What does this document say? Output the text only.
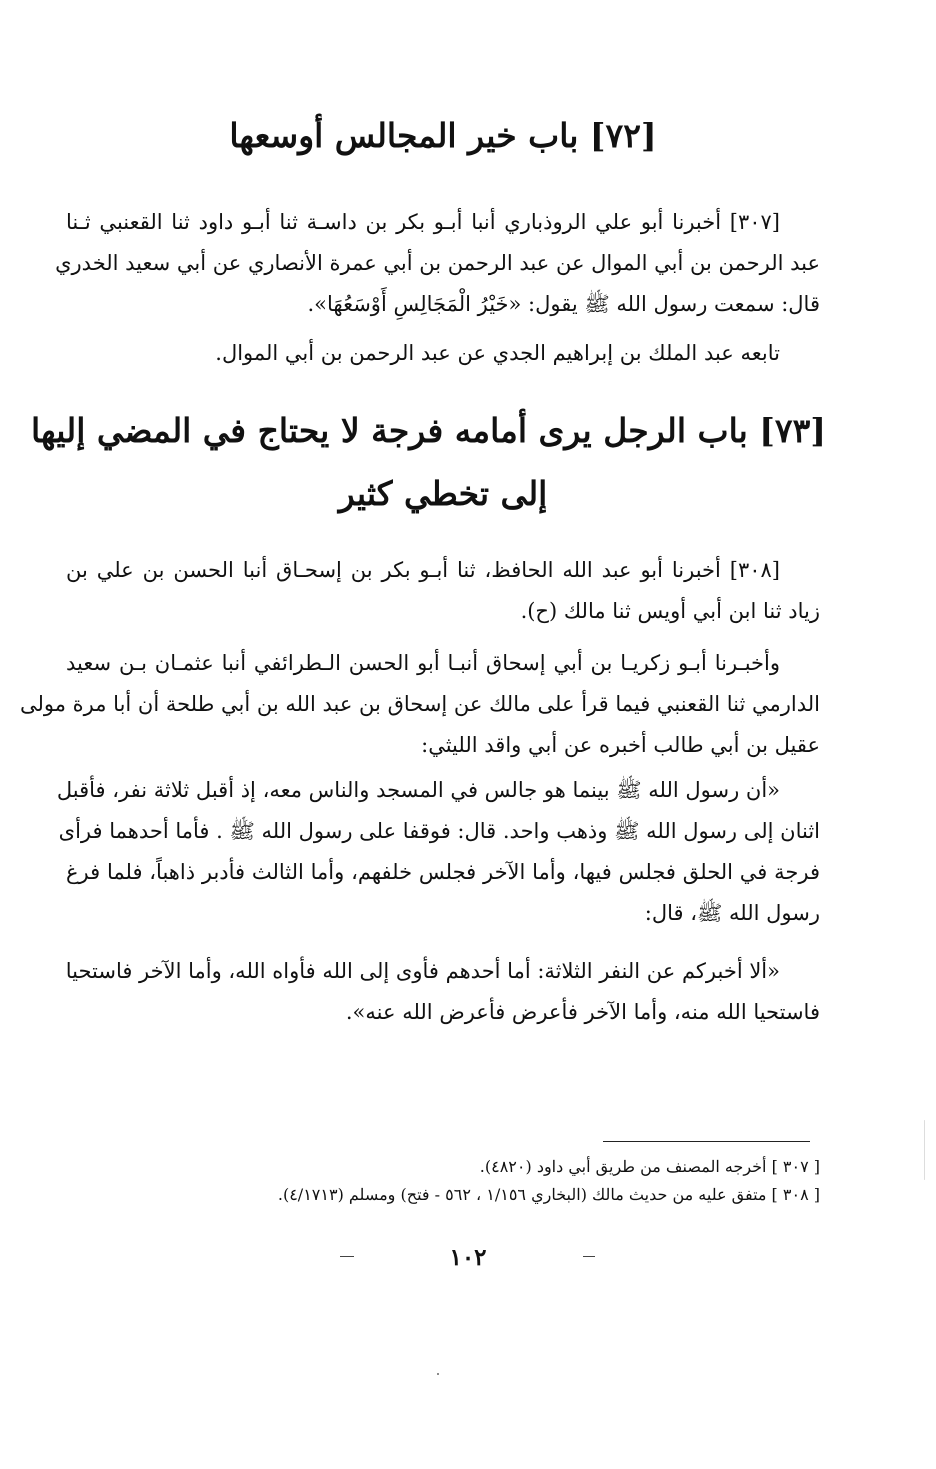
[٧٢] باب خير المجالس أوسعها
[٣٠٧] أخبرنا أبو علي الروذباري أنبا أبـو بكر بن داسـة ثنا أبـو داود ثنا القعنبي ثـنا
عبد الرحمن بن أبي الموال عن عبد الرحمن بن أبي عمرة الأنصاري عن أبي سعيد الخدري
قال: سمعت رسول الله ﷺ يقول: «خَيْرُ الْمَجَالِسِ أَوْسَعُهَا».
تابعه عبد الملك بن إبراهيم الجدي عن عبد الرحمن بن أبي الموال.
[٧٣] باب الرجل يرى أمامه فرجة لا يحتاج في المضي إليها
إلى تخطي كثير
[٣٠٨] أخبرنا أبو عبد الله الحافظ، ثنا أبـو بكر بن إسحـاق أنبا الحسن بن علي بن
زياد ثنا ابن أبي أويس ثنا مالك (ح).
وأخبـرنا أبـو زكريـا بن أبي إسحاق أنبـا أبو الحسن الـطرائفي أنبا عثمـان بـن سعيد
الدارمي ثنا القعنبي فيما قرأ على مالك عن إسحاق بن عبد الله بن أبي طلحة أن أبا مرة مولى
عقيل بن أبي طالب أخبره عن أبي واقد الليثي:
«أن رسول الله ﷺ بينما هو جالس في المسجد والناس معه، إذ أقبل ثلاثة نفر، فأقبل
اثنان إلى رسول الله ﷺ وذهب واحد. قال: فوقفا على رسول الله ﷺ . فأما أحدهما فرأى
فرجة في الحلق فجلس فيها، وأما الآخر فجلس خلفهم، وأما الثالث فأدبر ذاهباً، فلما فرغ
رسول الله ﷺ، قال:
«ألا أخبركم عن النفر الثلاثة: أما أحدهم فأوى إلى الله فأواه الله، وأما الآخر فاستحيا
فاستحيا الله منه، وأما الآخر فأعرض فأعرض الله عنه».
[ ٣٠٧ ] أخرجه المصنف من طريق أبي داود (٤٨٢٠).
[ ٣٠٨ ] متفق عليه من حديث مالك (البخاري ١/١٥٦ ، ٥٦٢ - فتح) ومسلم (٤/١٧١٣).
١٠٢
